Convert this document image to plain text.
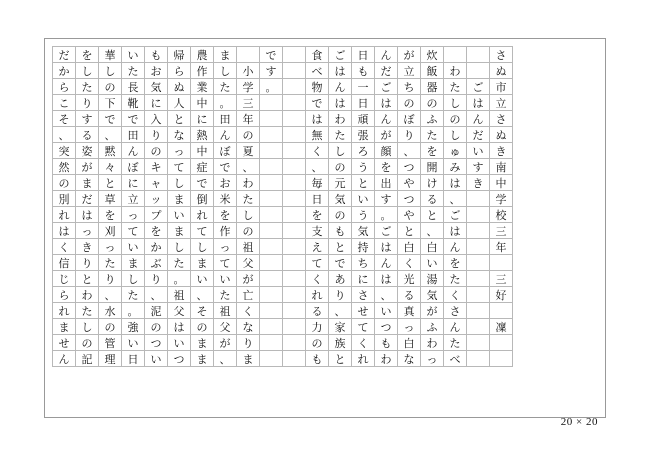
さ
ぬ
市
立
さ
ぬ
き
南
中
学
校
三
年
三
好
凜
ご
は
ん
だ
い
す
き
わ
た
し
の
し
ゅ
み
は
、
ご
は
ん
を
た
く
さ
ん
た
べ
炊
飯
器
の
ふ
た
を
開
け
る
と
、
白
い
湯
気
が
ふ
わ
っ
が
立
ち
の
ぼ
り
、
つ
や
つ
や
と
白
く
光
る
真
っ
白
な
ん
だ
ご
は
ん
が
顔
を
出
す
。
ご
は
ん
は
、
い
つ
も
わ
日
も
一
日
頑
張
ろ
う
と
い
う
気
持
ち
に
さ
せ
て
く
れ
ご
は
ん
は
わ
た
し
の
元
気
の
も
と
で
あ
り
、
家
族
と
食
べ
物
で
は
無
く
、
毎
日
を
支
え
て
く
れ
る
力
の
も
で
す
。
小
学
三
年
の
夏
、
わ
た
し
の
祖
父
が
亡
く
な
り
ま
ま
し
た
。
田
ん
ぼ
で
お
米
を
作
っ
て
い
た
祖
父
が
、
農
作
業
中
に
熱
中
症
で
倒
れ
て
し
ま
い
、
そ
の
ま
ま
帰
ら
ぬ
人
と
な
っ
て
し
ま
い
ま
し
た
。
祖
父
は
い
つ
も
お
気
に
入
り
の
キ
ャ
ッ
プ
を
か
ぶ
り
、
泥
の
つ
い
い
た
長
靴
で
田
ん
ぼ
に
立
っ
て
い
ま
し
た
。
強
い
日
華
し
の
下
で
、
黙
々
と
草
を
刈
っ
た
り
、
水
の
管
理
を
し
た
り
す
る
姿
が
ま
だ
は
っ
き
り
と
わ
た
し
の
記
だ
か
ら
こ
そ
、
突
然
の
別
れ
は
く
信
じ
ら
れ
ま
せ
ん
20 × 20
